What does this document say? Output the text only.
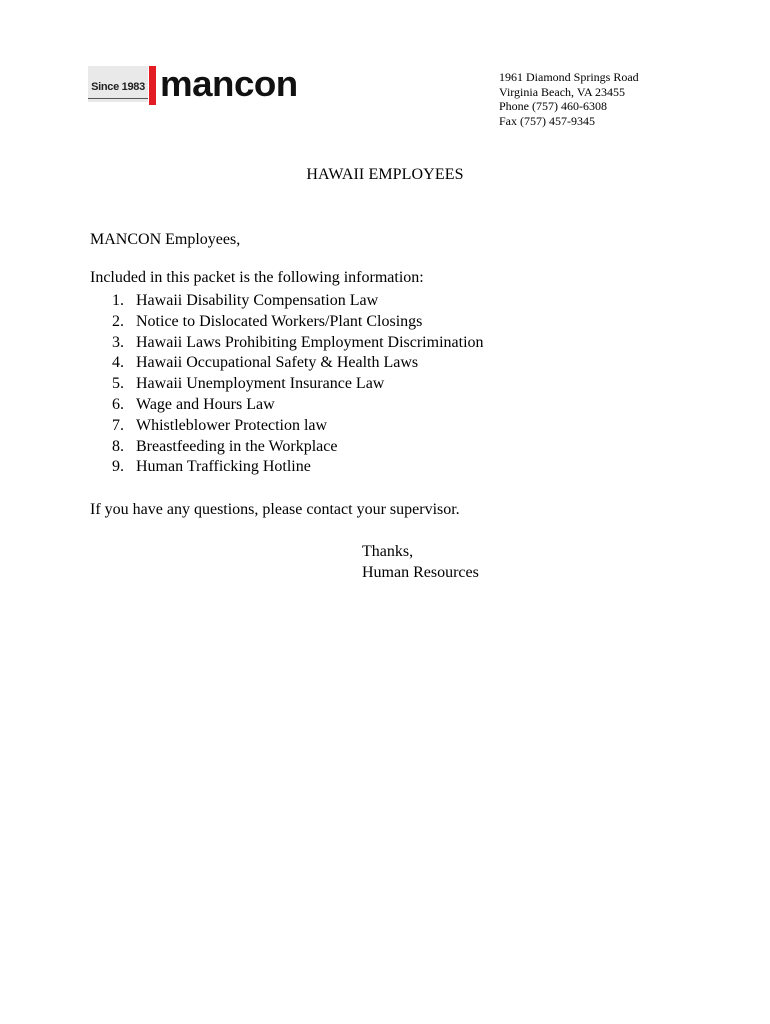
Since 1983 mancon	1961 Diamond Springs Road
Virginia Beach, VA 23455
Phone (757) 460-6308
Fax (757) 457-9345
HAWAII EMPLOYEES
MANCON Employees,
Included in this packet is the following information:
1. Hawaii Disability Compensation Law
2. Notice to Dislocated Workers/Plant Closings
3. Hawaii Laws Prohibiting Employment Discrimination
4. Hawaii Occupational Safety & Health Laws
5. Hawaii Unemployment Insurance Law
6. Wage and Hours Law
7. Whistleblower Protection law
8. Breastfeeding in the Workplace
9. Human Trafficking Hotline
If you have any questions, please contact your supervisor.
Thanks,
Human Resources
